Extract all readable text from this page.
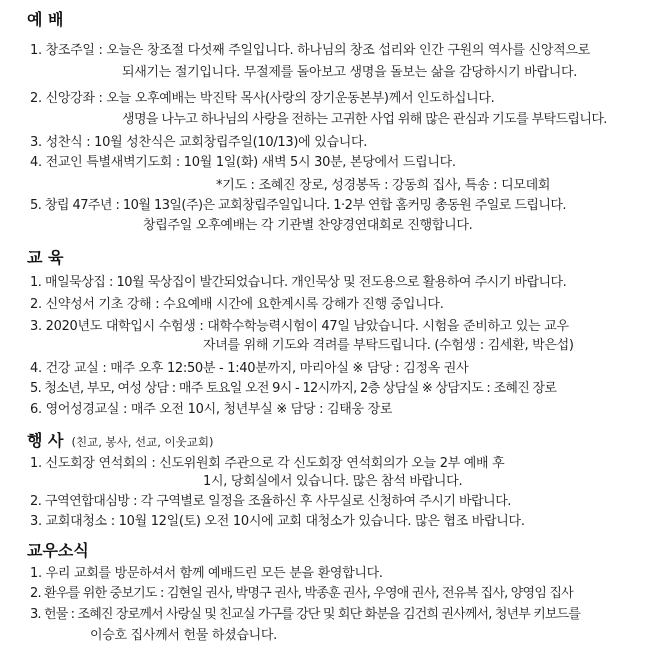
예 배
1. 창조주일 : 오늘은 창조절 다섯째 주일입니다. 하나님의 창조 섭리와 인간 구원의 역사를 신앙적으로
되새기는 절기입니다. 무절제를 돌아보고 생명을 돌보는 삶을 감당하시기 바랍니다.
2. 신앙강좌 : 오늘 오후예배는 박진탁 목사(사랑의 장기운동본부)께서 인도하십니다.
생명을 나누고 하나님의 사랑을 전하는 고귀한 사업 위해 많은 관심과 기도를 부탁드립니다.
3. 성찬식 : 10월 성찬식은 교회창립주일(10/13)에 있습니다.
4. 전교인 특별새벽기도회 : 10월 1일(화) 새벽 5시 30분, 본당에서 드립니다.
*기도 : 조혜진 장로, 성경봉독 : 강동희 집사, 특송 : 디모데회
5. 창립 47주년 : 10월 13일(주)은 교회창립주일입니다. 1·2부 연합 홈커밍 총동원 주일로 드립니다.
창립주일 오후예배는 각 기관별 찬양경연대회로 진행합니다.
교 육
1. 매일묵상집 : 10월 묵상집이 발간되었습니다. 개인묵상 및 전도용으로 활용하여 주시기 바랍니다.
2. 신약성서 기초 강해 : 수요예배 시간에 요한계시록 강해가 진행 중입니다.
3. 2020년도 대학입시 수험생 : 대학수학능력시험이 47일 남았습니다. 시험을 준비하고 있는 교우
자녀를 위해 기도와 격려를 부탁드립니다. (수험생 : 김세환, 박은섭)
4. 건강 교실 : 매주 오후 12:50분 - 1:40분까지, 마리아실 ※ 담당 : 김정옥 권사
5. 청소년, 부모, 여성 상담 : 매주 토요일 오전 9시 - 12시까지, 2층 상담실 ※ 상담지도 : 조혜진 장로
6. 영어성경교실 : 매주 오전 10시, 청년부실 ※ 담당 : 김태웅 장로
행 사 (친교, 봉사, 선교, 이웃교회)
1. 신도회장 연석회의 : 신도위원회 주관으로 각 신도회장 연석회의가 오늘 2부 예배 후
1시, 당회실에서 있습니다. 많은 참석 바랍니다.
2. 구역연합대심방 : 각 구역별로 일정을 조율하신 후 사무실로 신청하여 주시기 바랍니다.
3. 교회대청소 : 10월 12일(토) 오전 10시에 교회 대청소가 있습니다. 많은 협조 바랍니다.
교우소식
1. 우리 교회를 방문하셔서 함께 예배드린 모든 분을 환영합니다.
2. 환우를 위한 중보기도 : 김현일 권사, 박명구 권사, 박종훈 권사, 우영애 권사, 전유복 집사, 양영임 집사
3. 헌물 : 조혜진 장로께서 사랑실 및 친교실 가구를 강단 및 회단 화분을 김건희 권사께서, 청년부 키보드를
이승호 집사께서 헌물 하셨습니다.
